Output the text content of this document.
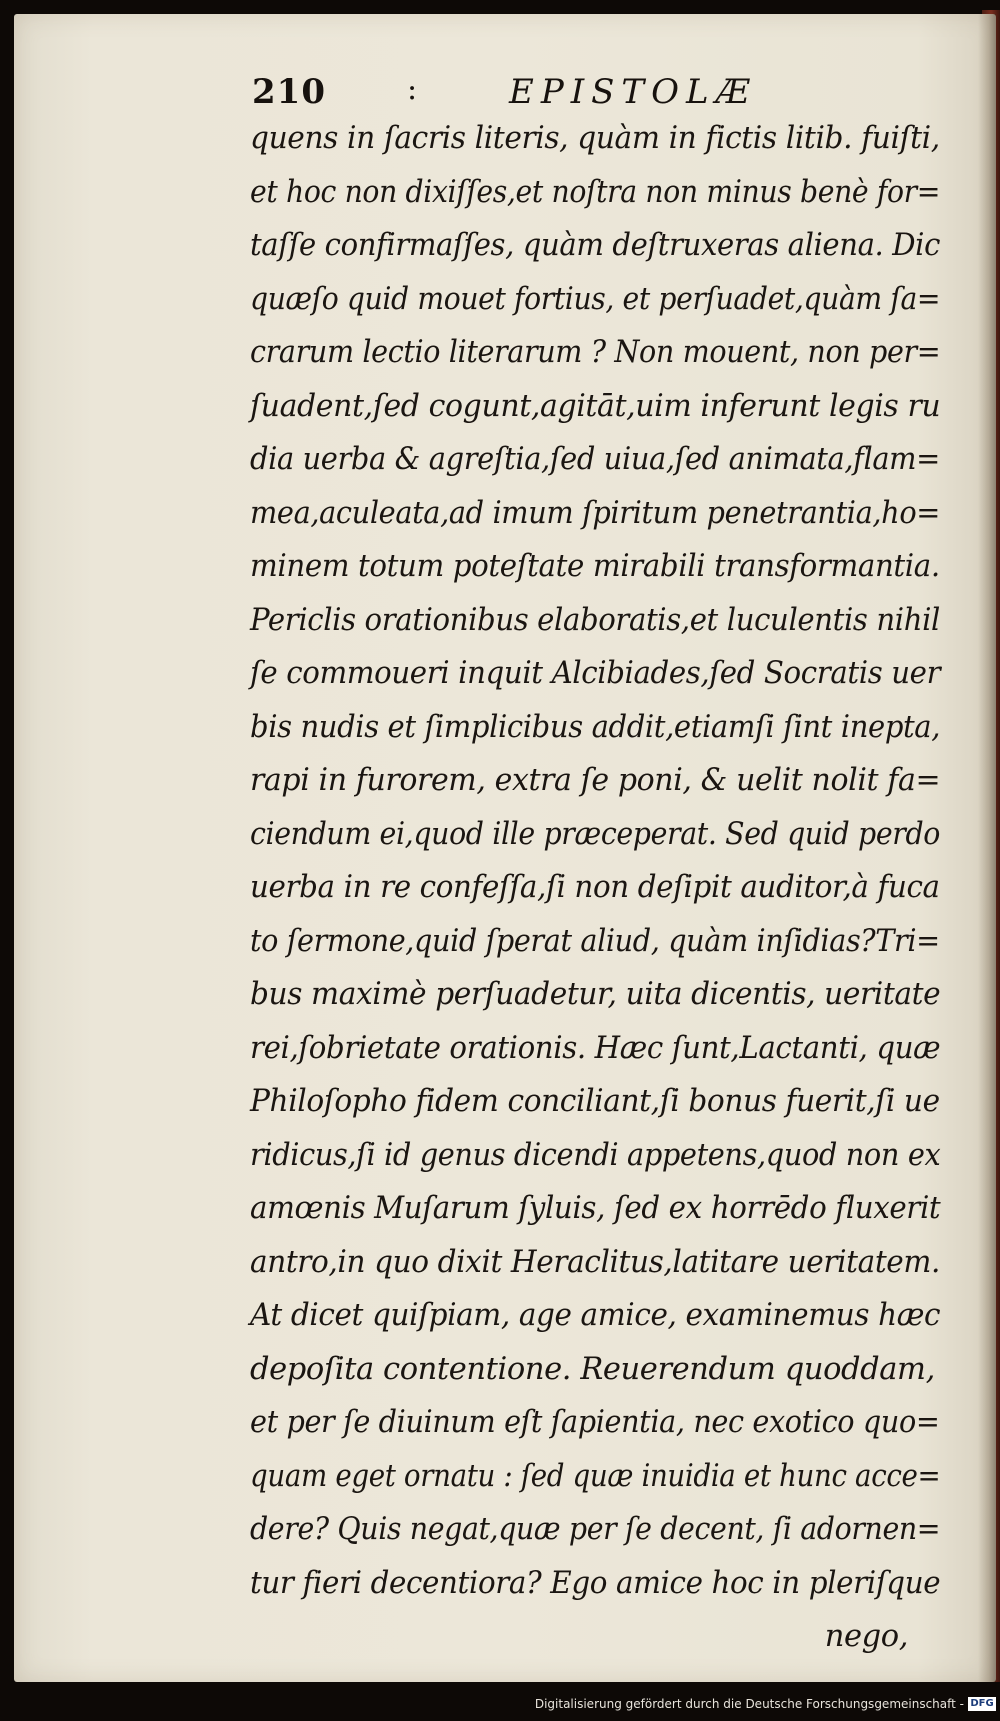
210	:	EPISTOLÆ
quens in ſacris literis, quàm in fictis litib. fuiſti,
et hoc non dixiſſes,et noſtra non minus benè for=
taſſe confirmaſſes, quàm deſtruxeras aliena. Dic
quæſo quid mouet fortius, et perſuadet,quàm ſa=
crarum lectio literarum ? Non mouent, non per=
ſuadent,ſed cogunt,agitāt,uim inferunt legis ru
dia uerba & agreſtia,ſed uiua,ſed animata,flam=
mea,aculeata,ad imum ſpiritum penetrantia,ho=
minem totum poteſtate mirabili transformantia.
Periclis orationibus elaboratis,et luculentis nihil
ſe commoueri inquit Alcibiades,ſed Socratis uer
bis nudis et ſimplicibus addit,etiamſi ſint inepta,
rapi in furorem, extra ſe poni, & uelit nolit fa=
ciendum ei,quod ille præceperat. Sed quid perdo
uerba in re confeſſa,ſi non deſipit auditor,à fuca
to ſermone,quid ſperat aliud, quàm inſidias?Tri=
bus maximè perſuadetur, uita dicentis, ueritate
rei,ſobrietate orationis. Hæc ſunt,Lactanti, quæ
Philoſopho fidem conciliant,ſi bonus fuerit,ſi ue
ridicus,ſi id genus dicendi appetens,quod non ex
amœnis Muſarum ſyluis, ſed ex horrēdo fluxerit
antro,in quo dixit Heraclitus,latitare ueritatem.
At dicet quiſpiam, age amice, examinemus hæc
depoſita contentione. Reuerendum quoddam,
et per ſe diuinum eſt ſapientia, nec exotico quo=
quam eget ornatu : ſed quæ inuidia et hunc acce=
dere? Quis negat,quæ per ſe decent, ſi adornen=
tur fieri decentiora? Ego amice hoc in pleriſque
nego,
Digitalisierung gefördert durch die Deutsche Forschungsgemeinschaft - DFG
